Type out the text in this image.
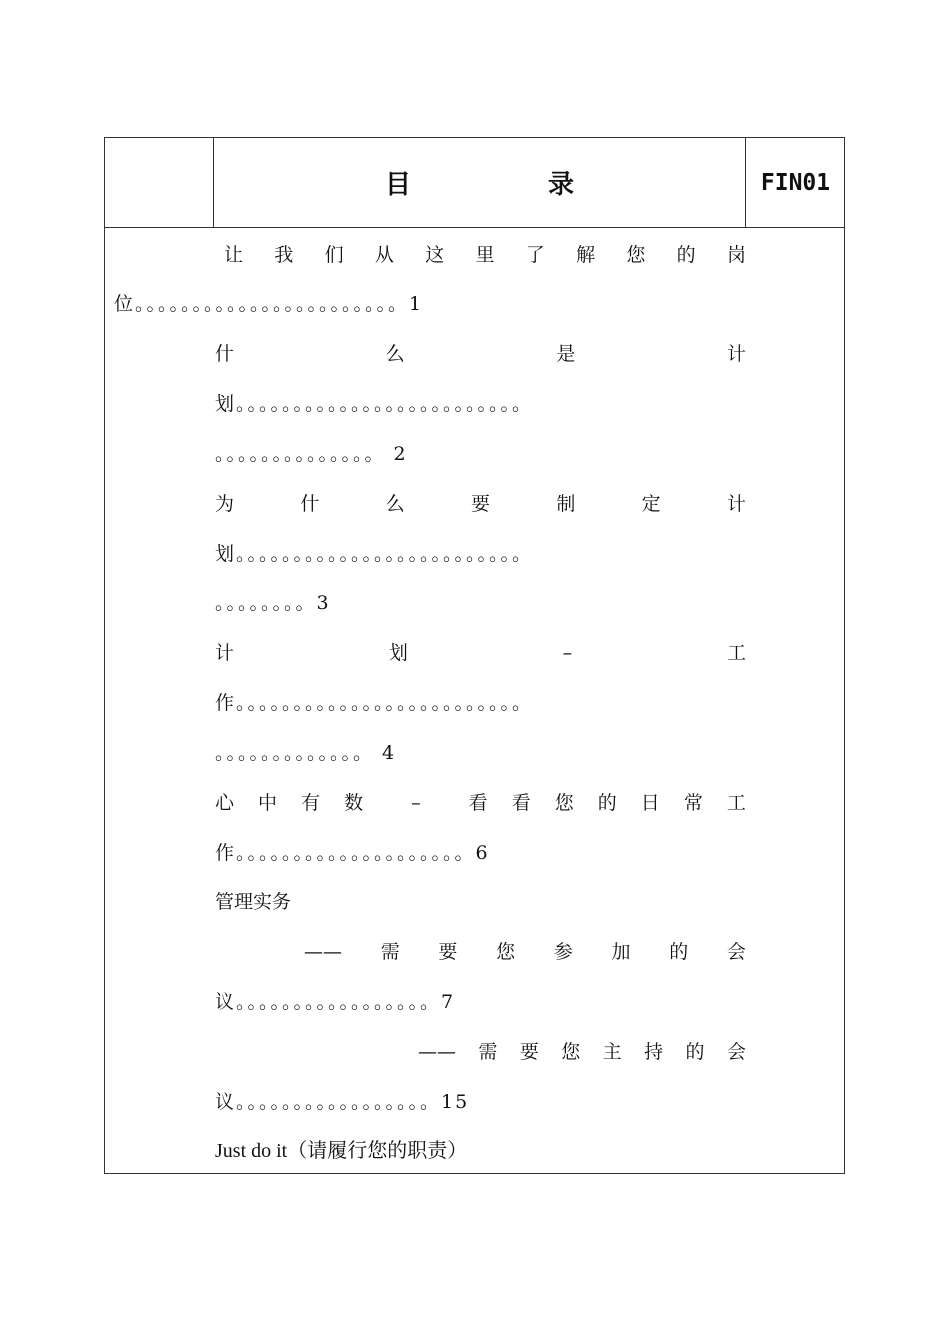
目 录	FIN01
让 我 们 从 这 里 了 解 您 的 岗
位。。。。。。。。。。。。。。。。。。。。。。。1
什	么	是	计
划。。。。。。。。。。。。。。。。。。。。。。。。。
。。。。。。。。。。。。。。 2
为	什	么	要	制	定	计
划。。。。。。。。。。。。。。。。。。。。。。。。。
。。。。。。。。3
计	划	–	工
作。。。。。。。。。。。。。。。。。。。。。。。。。
。。。。。。。。。。。。。 4
心 中 有 数	–	看 看 您 的 日 常 工
作。。。。。。。。。。。。。。。。。。。。6
管理实务
—— 需 要 您 参 加 的 会
议。。。。。。。。。。。。。。。。。7
—— 需 要 您 主 持 的 会
议。。。。。。。。。。。。。。。。。15
Just do it（请履行您的职责）
